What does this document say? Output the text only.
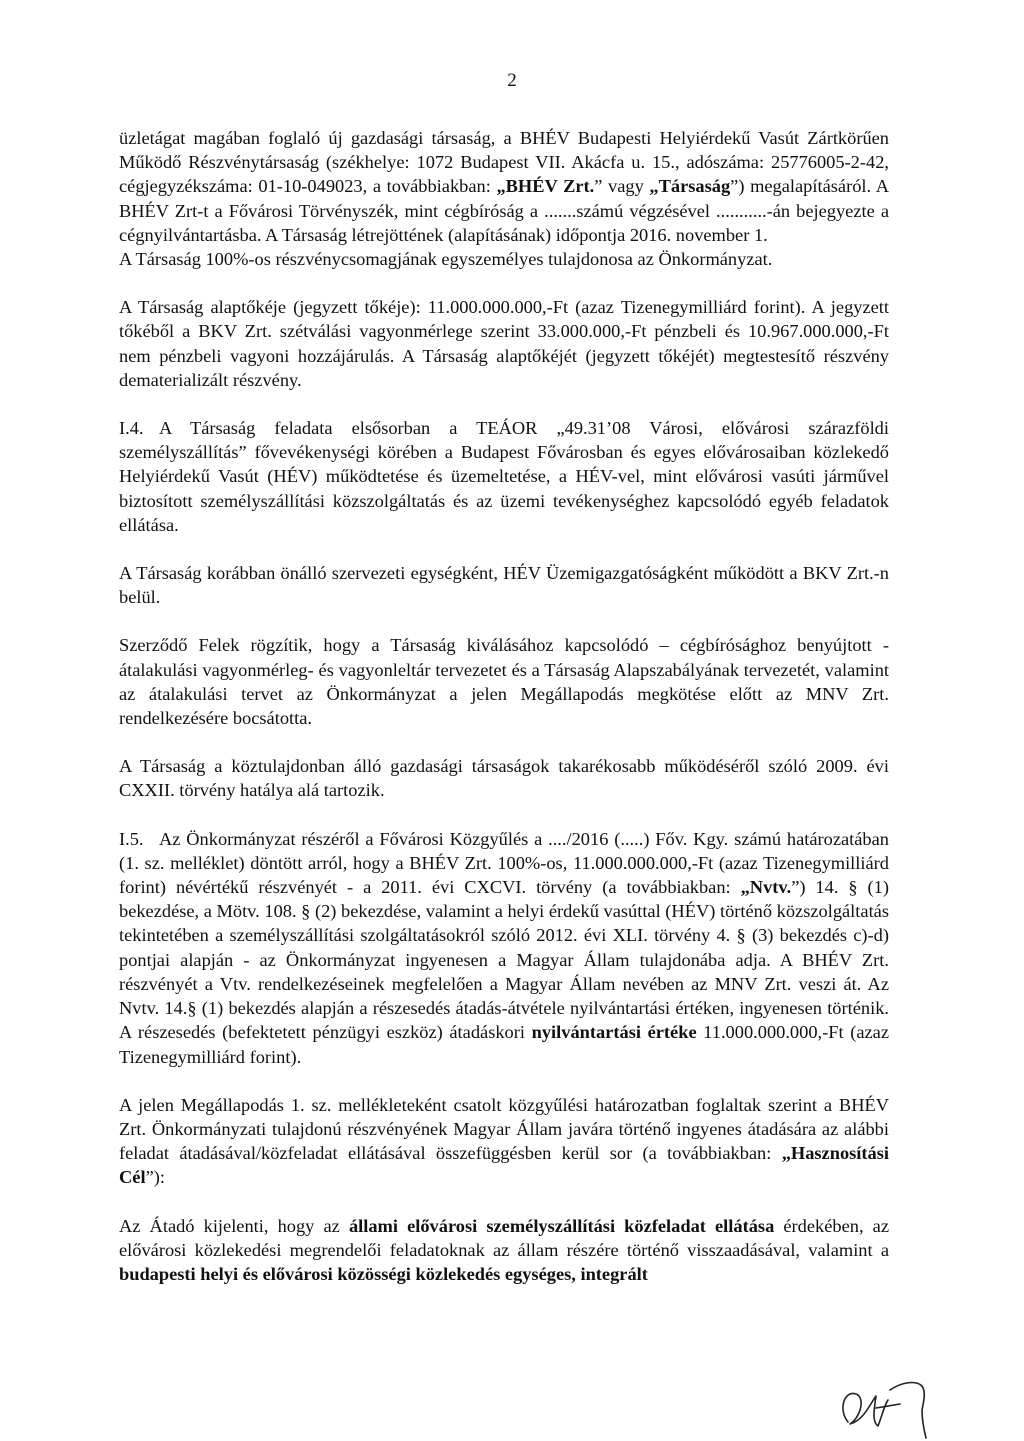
2

üzletágat magában foglaló új gazdasági társaság, a BHÉV Budapesti Helyiérdekű Vasút Zártkörűen Működő Részvénytársaság (székhelye: 1072 Budapest VII. Akácfa u. 15., adószáma: 25776005-2-42, cégjegyzékszáma: 01-10-049023, a továbbiakban: „BHÉV Zrt.” vagy „Társaság”) megalapításáról. A BHÉV Zrt-t a Fővárosi Törvényszék, mint cégbíróság a .......számú végzésével ...........-án bejegyezte a cégnyilvántartásba. A Társaság létrejöttének (alapításának) időpontja 2016. november 1.

A Társaság 100%-os részvénycsomagjának egyszemélyes tulajdonosa az Önkormányzat.

A Társaság alaptőkéje (jegyzett tőkéje): 11.000.000.000,-Ft (azaz Tizenegymilliárd forint). A jegyzett tőkéből a BKV Zrt. szétválási vagyonmérlege szerint 33.000.000,-Ft pénzbeli és 10.967.000.000,-Ft nem pénzbeli vagyoni hozzájárulás. A Társaság alaptőkéjét (jegyzett tőkéjét) megtestesítő részvény dematerializált részvény.

I.4. A Társaság feladata elsősorban a TEÁOR „49.31’08 Városi, elővárosi szárazföldi személyszállítás” fővevékenységi körében a Budapest Fővárosban és egyes elővárosaiban közlekedő Helyiérdekű Vasút (HÉV) működtetése és üzemeltetése, a HÉV-vel, mint elővárosi vasúti járművel biztosított személyszállítási közszolgáltatás és az üzemi tevékenységhez kapcsolódó egyéb feladatok ellátása.

A Társaság korábban önálló szervezeti egységként, HÉV Üzemigazgatóságként működött a BKV Zrt.-n belül.

Szerződő Felek rögzítik, hogy a Társaság kiválásához kapcsolódó – cégbírósághoz benyújtott - átalakulási vagyonmérleg- és vagyonleltár tervezetet és a Társaság Alapszabályának tervezetét, valamint az átalakulási tervet az Önkormányzat a jelen Megállapodás megkötése előtt az MNV Zrt. rendelkezésére bocsátotta.

A Társaság a köztulajdonban álló gazdasági társaságok takarékosabb működéséről szóló 2009. évi CXXII. törvény hatálya alá tartozik.

I.5. Az Önkormányzat részéről a Fővárosi Közgyűlés a ..../2016 (.....) Főv. Kgy. számú határozatában (1. sz. melléklet) döntött arról, hogy a BHÉV Zrt. 100%-os, 11.000.000.000,-Ft (azaz Tizenegymilliárd forint) névértékű részvényét - a 2011. évi CXCVI. törvény (a továbbiakban: „Nvtv.”) 14. § (1) bekezdése, a Mötv. 108. § (2) bekezdése, valamint a helyi érdekű vasúttal (HÉV) történő közszolgáltatás tekintetében a személyszállítási szolgáltatásokról szóló 2012. évi XLI. törvény 4. § (3) bekezdés c)-d) pontjai alapján - az Önkormányzat ingyenesen a Magyar Állam tulajdonába adja. A BHÉV Zrt. részvényét a Vtv. rendelkezéseinek megfelelően a Magyar Állam nevében az MNV Zrt. veszi át. Az Nvtv. 14.§ (1) bekezdés alapján a részesedés átadás-átvétele nyilvántartási értéken, ingyenesen történik. A részesedés (befektetett pénzügyi eszköz) átadáskori nyilvántartási értéke 11.000.000.000,-Ft (azaz Tizenegymilliárd forint).

A jelen Megállapodás 1. sz. mellékleteként csatolt közgyűlési határozatban foglaltak szerint a BHÉV Zrt. Önkormányzati tulajdonú részvényének Magyar Állam javára történő ingyenes átadására az alábbi feladat átadásával/közfeladat ellátásával összefüggésben kerül sor (a továbbiakban: „Hasznosítási Cél”):

Az Átadó kijelenti, hogy az állami elővárosi személyszállítási közfeladat ellátása érdekében, az elővárosi közlekedési megrendelői feladatoknak az állam részére történő visszaadásával, valamint a budapesti helyi és elővárosi közösségi közlekedés egységes, integrált
